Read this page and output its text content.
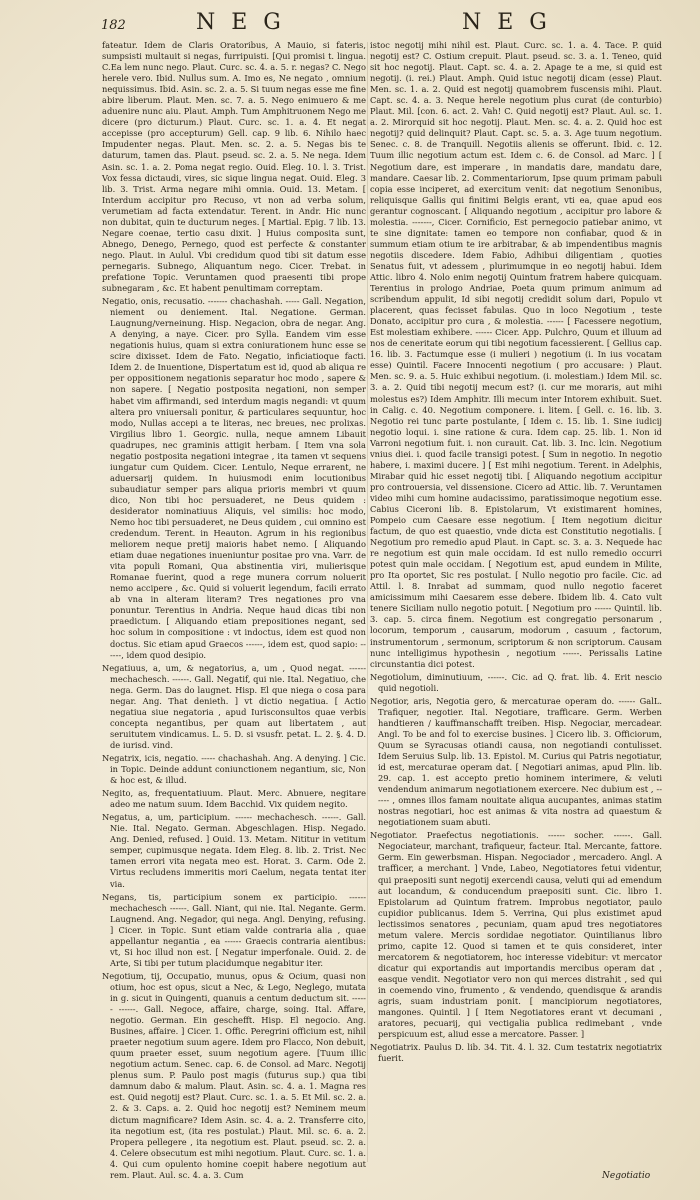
182	NEG	NEG

fateatur. Idem de Claris Oratoribus, A Mauio, si fateris, sumpsisti multauit si negas, furripuisti. [Qui promisi t. lingua. C.Ea lem nunc nego. Plaut. Curc. sc. 4. a. 5. r. negas? C. Nego herele vero. Ibid. Nullus sum. A. Imo es, Ne negato , omnium nequissimus. Ibid. Asin. sc. 2. a. 5. Si tuum negas esse me fine abire liberum. Plaut. Men. sc. 7. a. 5. Nego enimuero & me aduenire nunc aiu. Plaut. Amph. Tum Amphitruonem Nego me dicere (pro dicturum.) Plaut. Curc. sc. 1. a. 4. Et negat accepisse (pro accepturum) Gell. cap. 9 lib. 6. Nihilo haec Impudenter negas. Plaut. Men. sc. 2. a. 5. Negas bis te daturum, tamen das. Plaut. pseud. sc. 2. a. 5. Ne nega. Idem Asin. sc. 1. a. 2. Poma negat regio. Ouid. Eleg. 10. l. 3. Trist. Vox fessa dictaudi, vires, sic sique lingua negat. Ouid. Eleg. 3 lib. 3. Trist. Arma negare mihi omnia. Ouid. 13. Metam. [ Interdum accipitur pro Recuso, vt non ad verba solum, verumetiam ad facta extendatur. Terent. in Andr. Hic nunc non dubitat, quin te ducturum neges. [ Martial. Epig. 7 lib. 13. Negare coenae, tertio casu dixit. ] Huius composita sunt, Abnego, Denego, Pernego, quod est perfecte & constanter nego. Plaut. in Aulul. Vbi credidum quod tibi sit datum esse pernegaris. Subnego, Aliquantum nego. Cicer. Trebat. in prefatione Topic. Veruntamen quod praesenti tibi prope subnegaram , &c. Et habent penultimam correptam.

Negatio, onis, recusatio. ------- chachashah. ----- Gall. Negation, niement ou deniement. Ital. Negatione. German. Laugnung/verneinung. Hisp. Negacion, obra de negar. Ang. A denying, a naye. Cicer. pro Sylla. Eandem vim esse negationis huius, quam si extra coniurationem hunc esse se scire dixisset. Idem de Fato. Negatio, inficiatioque facti. Idem 2. de Inuentione, Dispertatum est id, quod ab aliqua re per oppositionem negationis separatur hoc modo , sapere & non sapere. [ Negatio postposita negationi, non semper habet vim affirmandi, sed interdum magis negandi: vt quum altera pro vniuersali ponitur, & particulares sequuntur, hoc modo, Nullas accepi a te literas, nec breues, nec prolixas. Virgilius libro 1. Georgic. nulla, neque amnem Libauit quadrupes, nec graminis attigit herbam. [ Item vna sola negatio postposita negationi integrae , ita tamen vt sequens iungatur cum Quidem. Cicer. Lentulo, Neque errarent, ne aduersarij quidem. In huiusmodi enim locutionibus subaudiatur semper pars aliqua prioris membri vt quum dico, Non tibi hoc persuaderet, ne Deus quidem : desiderator nominatiuus Aliquis, vel similis: hoc modo, Nemo hoc tibi persuaderet, ne Deus quidem , cui omnino est credendum. Terent. in Heauton. Agrum in his regionibus meliorem neque pretij maioris habet nemo. [ Aliquando etiam duae negationes inueniuntur positae pro vna. Varr. de vita populi Romani, Qua abstinentia viri, mulierisque Romanae fuerint, quod a rege munera corrum noluerit nemo accipere , &c. Quid si voluerit legendum, facili errato ab vna in alteram literam? Tres negationes pro vna ponuntur. Terentius in Andria. Neque haud dicas tibi non praedictum. [ Aliquando etiam prepositiones negant, sed hoc solum in compositione : vt indoctus, idem est quod non doctus. Sic etiam apud Graecos ------, idem est, quod sapio: ------, idem quod desipio.

Negatiuus, a, um, & negatorius, a, um , Quod negat. ------ mechachesch. ------. Gall. Negatif, qui nie. Ital. Negatiuo, che nega. Germ. Das do laugnet. Hisp. El que niega o cosa para negar. Ang. That denieth. ] vt dictio negatiua. [ Actio negatiua siue negatoria , apud Iurisconsultos quae verbis concepta negantibus, per quam aut libertatem , aut seruitutem vindicamus. L. 5. D. si vsusfr. petat. L. 2. §. 4. D. de iurisd. vind.

Negatrix, icis, negatio. ----- chachashah. Ang. A denying. ] Cic. in Topic. Deinde addunt coniunctionem negantium, sic, Non & hoc est, & illud.

Negito, as, frequentatiuum. Plaut. Merc. Abnuere, negitare adeo me natum suum. Idem Bacchid. Vix quidem negito.

Negatus, a, um, participium. ------ mechachesch. ------. Gall. Nie. Ital. Negato. German. Abgeschlagen. Hisp. Negado. Ang. Denied, refused. ] Ouid. 13. Metam. Nititur in vetitum semper, cupimusque negata. Idem Eleg. 8. lib. 2. Trist. Nec tamen errori vita negata meo est. Horat. 3. Carm. Ode 2. Virtus recludens immeritis mori Caelum, negata tentat iter via.

Negans, tis, participium sonem ex participio. ------ mechachesch ------. Gall. Niant, qui nie. Ital. Negante. Germ. Laugnend. Ang. Negador, qui nega. Angl. Denying, refusing. ] Cicer. in Topic. Sunt etiam valde contraria alia , quae appellantur negantia , ea ------ Graecis contraria aientibus: vt, Si hoc illud non est. [ Negatur imperfonale. Ouid. 2. de Arte, Si tibi per tutum placidumque negabitur iter.

Negotium, tij, Occupatio, munus, opus & Ocium, quasi non otium, hoc est opus, sicut a Nec, & Lego, Neglego, mutata in g. sicut in Quingenti, quanuis a centum deductum sit. ------ ------. Gall. Negoce, affaire, charge, soing. Ital. Affare, negotio. German. Ein geschefft. Hisp. El negocio. Ang. Busines, affaire. ] Cicer. 1. Offic. Peregrini officium est, nihil praeter negotium suum agere. Idem pro Flacco, Non debuit, quum praeter esset, suum negotium agere. [Tuum illic negotium actum. Senec. cap. 6. de Consol. ad Marc. Negotij plenus sum. P. Paulo post magis (futurus sup.) qua tibi damnum dabo & malum. Plaut. Asin. sc. 4. a. 1. Magna res est. Quid negotij est? Plaut. Curc. sc. 1. a. 5. Et Mil. sc. 2. a. 2. & 3. Caps. a. 2. Quid hoc negotij est? Neminem meum dictum magnificare? Idem Asin. sc. 4. a. 2. Transferre cito, ita negotium est, (ita res postulat.) Plaut. Mil. sc. 6. a. 2. Propera pellegere , ita negotium est. Plaut. pseud. sc. 2. a. 4. Celere obsecutum est mihi negotium. Plaut. Curc. sc. 1. a. 4. Qui cum opulento homine coepit habere negotium aut rem. Plaut. Aul. sc. 4. a. 3. Cum

istoc negotij mihi nihil est. Plaut. Curc. sc. 1. a. 4. Tace. P. quid negotij est? C. Ostium crepuit. Plaut. pseud. sc. 3. a. 1. Teneo, quid sit hoc negotij. Plaut. Capt. sc. 4. a. 2. Apage te a me, si quid est negotij. (i. rei.) Plaut. Amph. Quid istuc negotij dicam (esse) Plaut. Men. sc. 1. a. 2. Quid est negotij quamobrem fuscensis mihi. Plaut. Capt. sc. 4. a. 3. Neque herele negotium plus curat (de conturbio) Plaut. Mil. [con. 6. act. 2. Vah! C. Quid negotij est? Plaut. Aul. sc. 1. a. 2. Mirorquid sit hoc negotij. Plaut. Men. sc. 4. a. 2. Quid hoc est negotij? quid delinquit? Plaut. Capt. sc. 5. a. 3. Age tuum negotium. Senec. c. 8. de Tranquill. Negotiis alienis se offerunt. Ibid. c. 12. Tuum illic negotium actum est. Idem c. 6. de Consol. ad Marc. ] [ Negotium dare, est imperare , in mandatis dare, mandatu dare, mandare. Caesar lib. 2. Commentariorum, Ipse quum primam pabuli copia esse inciperet, ad exercitum venit: dat negotium Senonibus, reliquisque Gallis qui finitimi Belgis erant, vti ea, quae apud eos gerantur cognoscant. [ Aliquando negotium , accipitur pro labore & molestia. -------, Cicer. Cornificio, Est pernegocio patiebar animo, vt te sine dignitate: tamen eo tempore non confiabar, quod & in summum etiam otium te ire arbitrabar, & ab impendentibus magnis negotiis discedere. Idem Fabio, Adhibui diligentiam , quoties Senatus fuit, vt adessem , plurimumque in eo negotij habui. Idem Attic. libro 4. Nolo enim negotij Quintum fratrem habere quicquam. Terentius in prologo Andriae, Poeta quum primum animum ad scribendum appulit, Id sibi negotij credidit solum dari, Populo vt placerent, quas fecisset fabulas. Quo in loco Negotium , teste Donato, accipitur pro cura , & molestia. ------ [ Facessere negotium, Est molestiam exhibere. ------ Cicer. App. Pulchro, Quum et illuum ad nos de ceneritate eorum qui tibi negotium facessierent. [ Gellius cap. 16. lib. 3. Factumque esse (i mulieri ) negotium (i. In ius vocatam esse) Quintil. Facere Innocenti negotium ( pro accusare: ) Plaut. Men. sc. 9. a. 5. Huic exhibui negotium. (i. molestiam.) Idem Mil. sc. 3. a. 2. Quid tibi negotij mecum est? (i. cur me moraris, aut mihi molestus es?) Idem Amphitr. Illi mecum inter Intorem exhibuit. Suet. in Calig. c. 40. Negotium componere. i. litem. [ Gell. c. 16. lib. 3. Negotio rei tunc parte postulante, [ Idem c. 15. lib. 1. Sine iudicij negotio loqui. i. sine ratione & cura. Idem cap. 25. lib. 1. Non id Varroni negotium fuit. i. non curauit. Cat. lib. 3. Inc. lcin. Negotium vnius diei. i. quod facile transigi potest. [ Sum in negotio. In negotio habere, i. maximi ducere. ] [ Est mihi negotium. Terent. in Adelphis, Mirabar quid hic esset negotij tibi. [ Aliquando negotium accipitur pro controuersia, vel dissensione. Cicero ad Attic. lib. 7. Veruntamen video mihi cum homine audacissimo, paratissimoque negotium esse. Cabius Ciceroni lib. 8. Epistolarum, Vt existimarent homines, Pompeio cum Caesare esse negotium. [ Item negotium dicitur factum, de quo est quaestio, vnde dicta est Constitutio negotialis. [ Negotium pro remedio apud Plaut. in Capt. sc. 3. a. 3. Nequede hac re negotium est quin male occidam. Id est nullo remedio occurri potest quin male occidam. [ Negotium est, apud eundem in Milite, pro Ita oportet, Sic res postulat. [ Nullo negotio pro facile. Cic. ad Attil. l. 8. Inrabat ad summam, quod nullo negotio faceret amicissimum mihi Caesarem esse debere. Ibidem lib. 4. Cato vult tenere Siciliam nullo negotio potuit. [ Negotium pro ------ Quintil. lib. 3. cap. 5. circa finem. Negotium est congregatio personarum , locorum, temporum , causarum, modorum , casuum , factorum, instrumentorum , sermonum, scriptorum & non scriptorum. Causam nunc intelligimus hypothesin , negotium ------. Perissalis Latine circunstantia dici potest.

Negotiolum, diminutiuum, ------. Cic. ad Q. frat. lib. 4. Erit nescio quid negotioli.

Negotior, aris, Negotia gero, & mercaturae operam do. ------ GalL. Trafiquer, negotier. Ital. Negotiare, trafficare. Germ. Werben handtieren / kauffmanschafft treiben. Hisp. Negociar, mercadear. Angl. To be and fol to exercise busines. ] Cicero lib. 3. Officiorum, Quum se Syracusas otiandi causa, non negotiandi contulisset. Idem Seruius Sulp. lib. 13. Epistol. M. Curius qui Patris negotiatur, id est, mercaturae operam dat. [ Negotiari animas, apud Plin. lib. 29. cap. 1. est accepto pretio hominem interimere, & veluti vendendum animarum negotiationem exercere. Nec dubium est , ------ , omnes illos famam nouitate aliqua aucupantes, animas statim nostras negotiari, hoc est animas & vita nostra ad quaestum & negotiationem suam abuti.

Negotiator. Praefectus negotiationis. ------ socher. ------. Gall. Negociateur, marchant, trafiqueur, facteur. Ital. Mercante, fattore. Germ. Ein gewerbsman. Hispan. Negociador , mercadero. Angl. A trafficer, a merchant. ] Vnde, Labeo, Negotiatores fetui videntur, qui praepositi sunt negotij exercendi causa, veluti qui ad emendum aut locandum, & conducendum praepositi sunt. Cic. libro 1. Epistolarum ad Quintum fratrem. Improbus negotiator, paulo cupidior publicanus. Idem 5. Verrina, Qui plus existimet apud lectissimos senatores , pecuniam, quam apud tres negotiatores metum valere. Mercis sordidae negotiator. Quintilianus libro primo, capite 12. Quod si tamen et te quis consideret, inter mercatorem & negotiatorem, hoc interesse videbitur: vt mercator dicatur qui exportandis aut importandis mercibus operam dat , easque vendit. Negotiator vero non qui merces distrahit , sed qui in coemendo vino, frumento , & vendendo, quendisque & arandis agris, suam industriam ponit. [ mancipiorum negotiatores, mangones. Quintil. ] [ Item Negotiatores erant vt decumani , aratores, pecuarij, qui vectigalia publica redimebant , vnde perspicuum est, aliud esse a mercatore. Passer. ]

Negotiatrix. Paulus D. lib. 34. Tit. 4. l. 32. Cum testatrix negotiatrix fuerit.

Negotiatio
